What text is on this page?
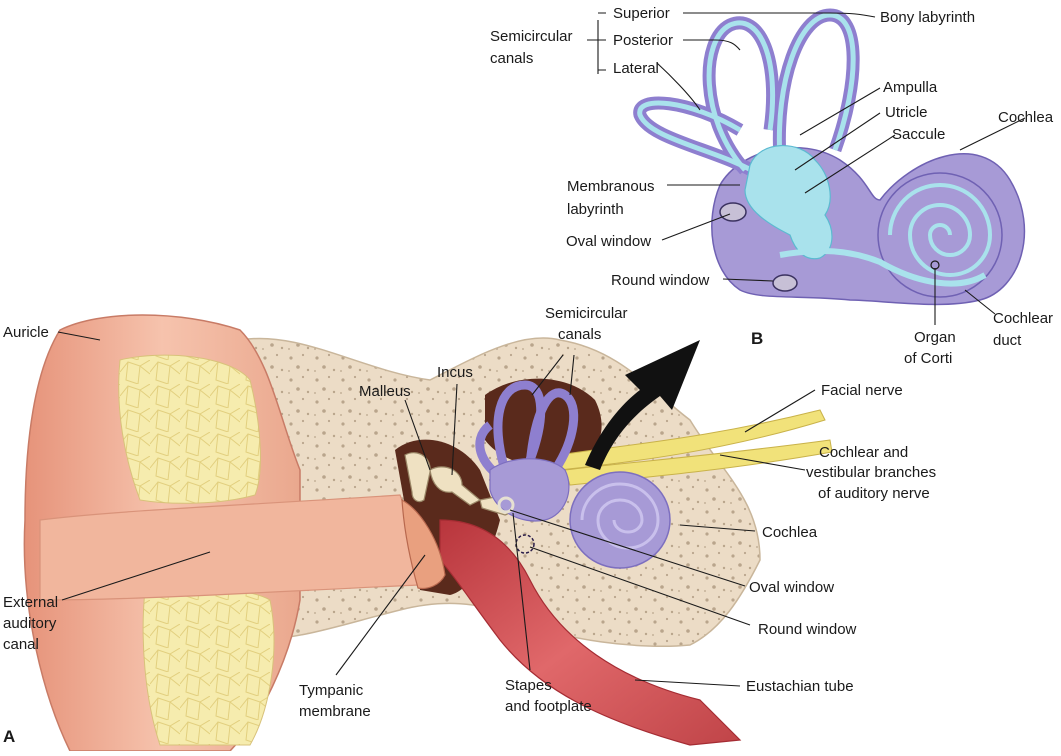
Semicircular
canals
Superior
Posterior
Lateral
Bony labyrinth
Ampulla
Utricle
Saccule
Cochlea
Membranous
labyrinth
Oval window
Round window
Organ
of Corti
Cochlear
duct
B
Auricle
External
auditory
canal
Tympanic
membrane
Malleus
Incus
Semicircular
canals
Facial nerve
Cochlear and
vestibular branches
of auditory nerve
Cochlea
Oval window
Round window
Stapes
and footplate
Eustachian tube
A
